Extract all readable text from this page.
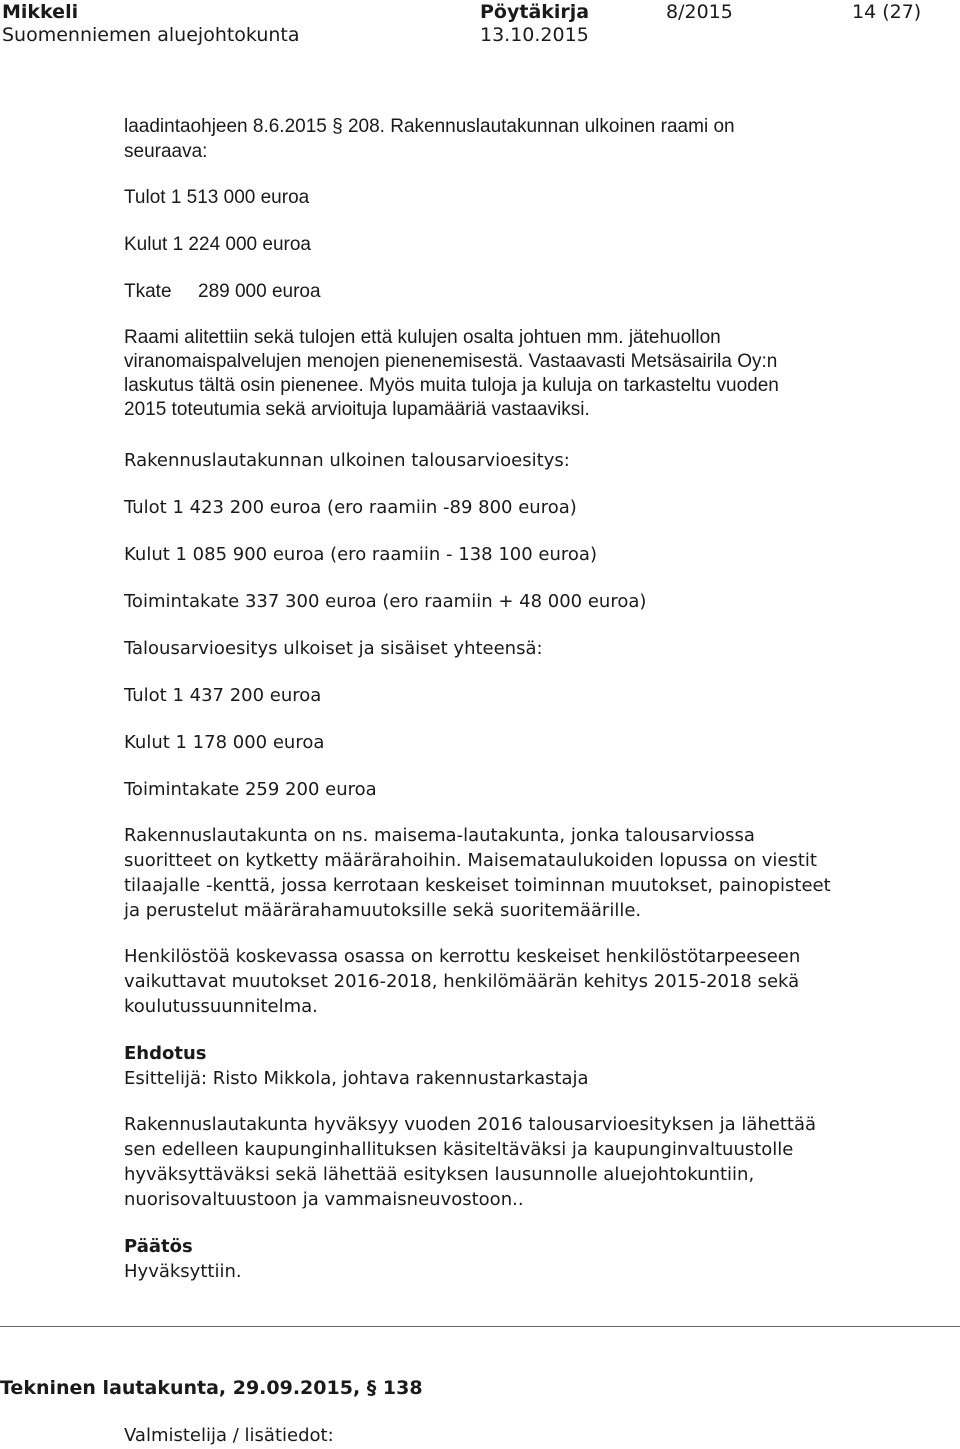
Mikkeli
Suomenniemen aluejohtokunta
Pöytäkirja
13.10.2015
8/2015	14 (27)
laadintaohjeen 8.6.2015 § 208. Rakennuslautakunnan ulkoinen raami on
seuraava:
Tulot 1 513 000 euroa
Kulut 1 224 000 euroa
Tkate 289 000 euroa
Raami alitettiin sekä tulojen että kulujen osalta johtuen mm. jätehuollon
viranomaispalvelujen menojen pienenemisestä. Vastaavasti Metsäsairila Oy:n
laskutus tältä osin pienenee. Myös muita tuloja ja kuluja on tarkasteltu vuoden
2015 toteutumia sekä arvioituja lupamääriä vastaaviksi.
Rakennuslautakunnan ulkoinen talousarvioesitys:
Tulot 1 423 200 euroa (ero raamiin -89 800 euroa)
Kulut 1 085 900 euroa (ero raamiin - 138 100 euroa)
Toimintakate 337 300 euroa (ero raamiin + 48 000 euroa)
Talousarvioesitys ulkoiset ja sisäiset yhteensä:
Tulot 1 437 200 euroa
Kulut 1 178 000 euroa
Toimintakate 259 200 euroa
Rakennuslautakunta on ns. maisema-lautakunta, jonka talousarviossa
suoritteet on kytketty määrärahoihin. Maisemataulukoiden lopussa on viestit
tilaajalle -kenttä, jossa kerrotaan keskeiset toiminnan muutokset, painopisteet
ja perustelut määrärahamuutoksille sekä suoritemäärille.
Henkilöstöä koskevassa osassa on kerrottu keskeiset henkilöstötarpeeseen
vaikuttavat muutokset 2016-2018, henkilömäärän kehitys 2015-2018 sekä
koulutussuunnitelma.
Ehdotus
Esittelijä: Risto Mikkola, johtava rakennustarkastaja
Rakennuslautakunta hyväksyy vuoden 2016 talousarvioesityksen ja lähettää
sen edelleen kaupunginhallituksen käsiteltäväksi ja kaupunginvaltuustolle
hyväksyttäväksi sekä lähettää esityksen lausunnolle aluejohtokuntiin,
nuorisovaltuustoon ja vammaisneuvostoon..
Päätös
Hyväksyttiin.
Tekninen lautakunta, 29.09.2015, § 138
Valmistelija / lisätiedot:
